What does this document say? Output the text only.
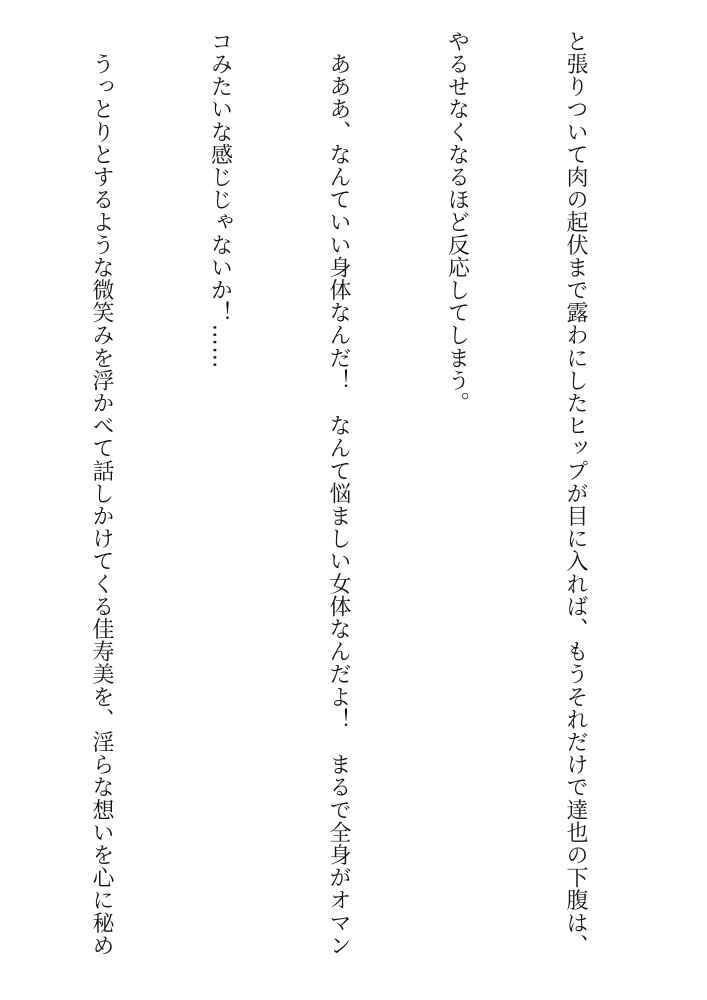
と張りついて肉の起伏まで露わにしたヒップが目に入れば、もうそれだけで達也の下腹は、

やるせなくなるほど反応してしまう。

　あああ、なんていい身体なんだ！　なんて悩ましい女体なんだよ！　まるで全身がオマン

コみたいな感じじゃないか！……

　うっとりとするような微笑みを浮かべて話しかけてくる佳寿美を、淫らな想いを心に秘め
